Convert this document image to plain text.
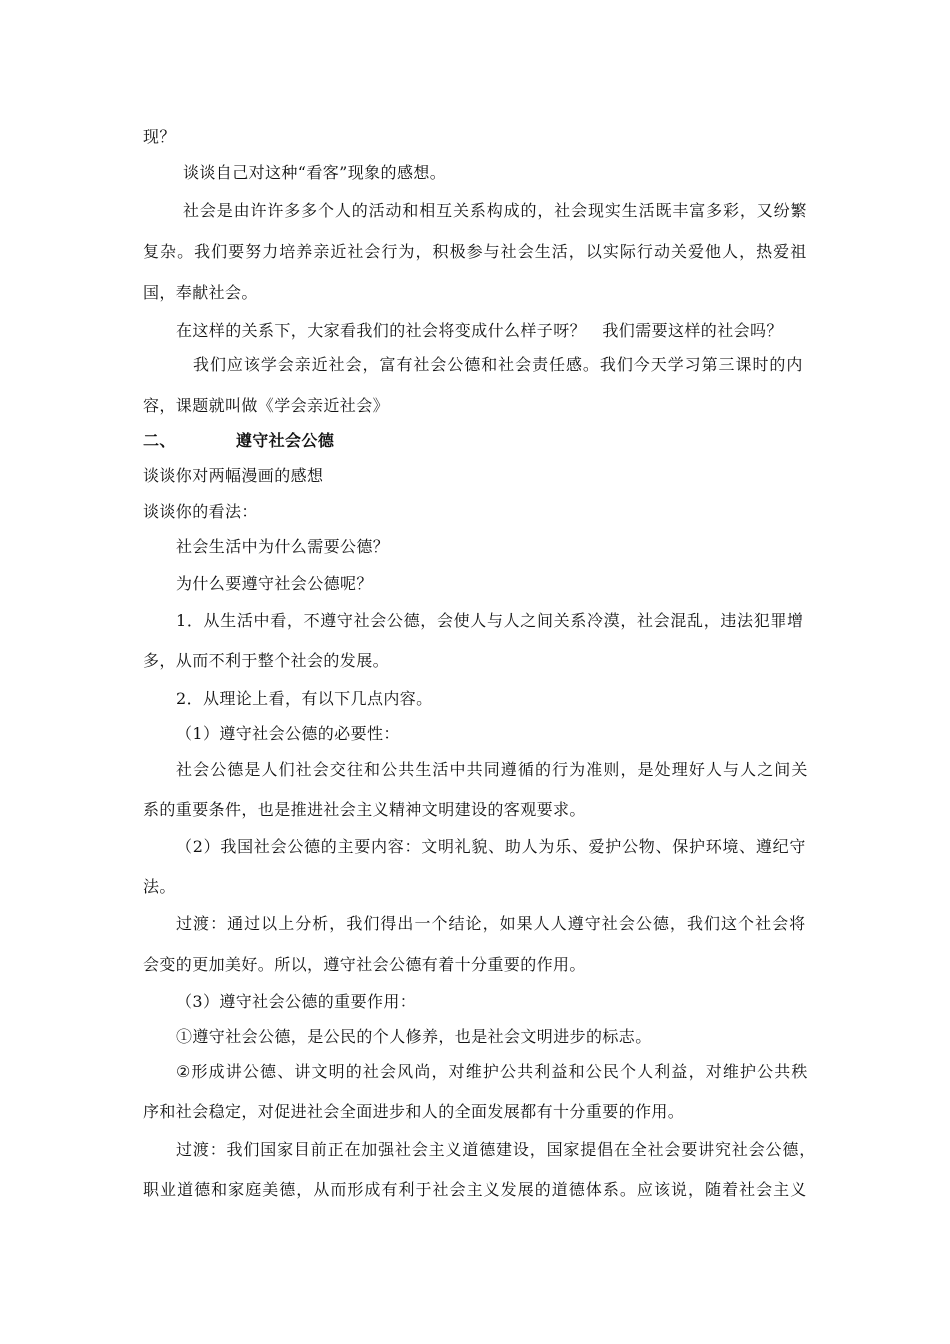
现？
谈谈自己对这种“看客”现象的感想。
社 会 是 由 许 许 多 多 个 人 的 活 动 和 相 互 关 系 构 成 的 ， 社 会 现 实 生 活 既 丰 富 多 彩 ， 又 纷 繁
复 杂 。 我 们 要 努 力 培 养 亲 近 社 会 行 为 ， 积 极 参 与 社 会 生 活 ， 以 实 际 行 动 关 爱 他 人 ， 热 爱 祖
国，奉献社会。
在这样的关系下，大家看我们的社会将变成什么样子呀？　我们需要这样的社会吗？
我 们 应 该 学 会 亲 近 社 会 ， 富 有 社 会 公 德 和 社 会 责 任 感 。 我 们 今 天 学 习 第 三 课 时 的 内
容，课题就叫做《学会亲近社会》
二、	遵守社会公德
谈谈你对两幅漫画的感想
谈谈你的看法：
社会生活中为什么需要公德？
为什么要遵守社会公德呢？
1 ． 从 生 活 中 看 ， 不 遵 守 社 会 公 德 ， 会 使 人 与 人 之 间 关 系 冷 漠 ， 社 会 混 乱 ， 违 法 犯 罪 增
多，从而不利于整个社会的发展。
2．从理论上看，有以下几点内容。
（1）遵守社会公德的必要性：
社 会 公 德 是 人 们 社 会 交 往 和 公 共 生 活 中 共 同 遵 循 的 行 为 准 则 ， 是 处 理 好 人 与 人 之 间 关
系的重要条件，也是推进社会主义精神文明建设的客观要求。
（ 2 ） 我 国 社 会 公 德 的 主 要 内 容 ： 文 明 礼 貌 、 助 人 为 乐 、 爱 护 公 物 、 保 护 环 境 、 遵 纪 守
法。
过 渡 ： 通 过 以 上 分 析 ， 我 们 得 出 一 个 结 论 ， 如 果 人 人 遵 守 社 会 公 德 ， 我 们 这 个 社 会 将
会变的更加美好。所以，遵守社会公德有着十分重要的作用。
（3）遵守社会公德的重要作用：
①遵守社会公德，是公民的个人修养，也是社会文明进步的标志。
② 形 成 讲 公 德 、 讲 文 明 的 社 会 风 尚 ， 对 维 护 公 共 利 益 和 公 民 个 人 利 益 ， 对 维 护 公 共 秩
序和社会稳定，对促进社会全面进步和人的全面发展都有十分重要的作用。
过 渡 ： 我 们 国 家 目 前 正 在 加 强 社 会 主 义 道 德 建 设 ， 国 家 提 倡 在 全 社 会 要 讲 究 社 会 公 德 ，
职 业 道 德 和 家 庭 美 德 ， 从 而 形 成 有 利 于 社 会 主 义 发 展 的 道 德 体 系 。 应 该 说 ， 随 着 社 会 主 义
